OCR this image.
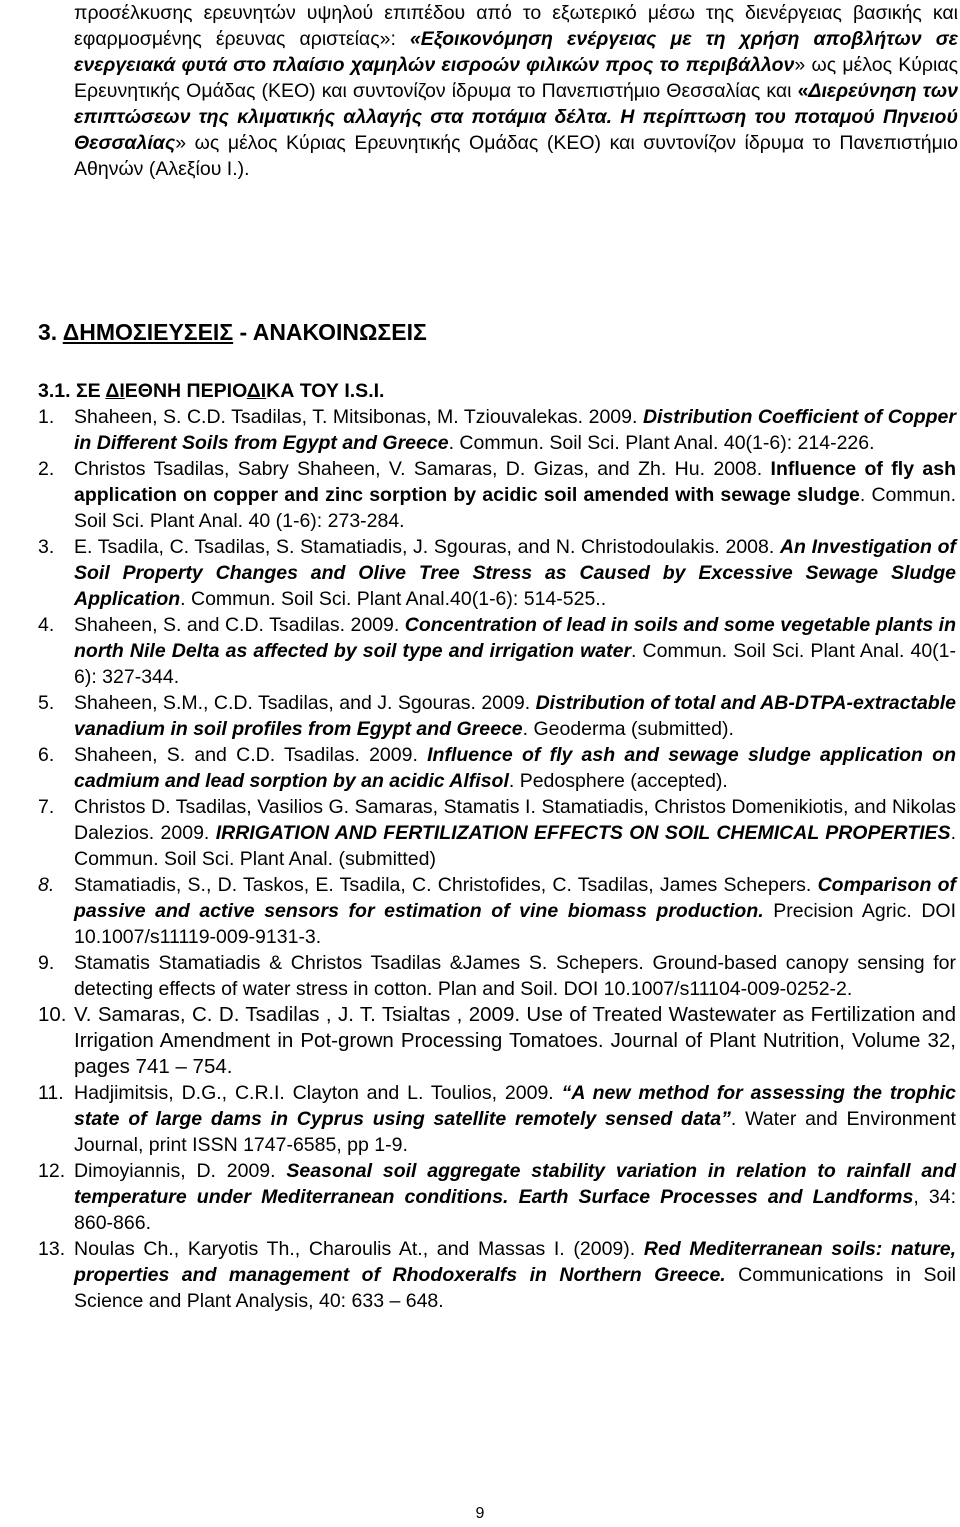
προσέλκυσης ερευνητών υψηλού επιπέδου από το εξωτερικό μέσω της διενέργειας βασικής και εφαρμοσμένης έρευνας αριστείας»: «Εξοικονόμηση ενέργειας με τη χρήση αποβλήτων σε ενεργειακά φυτά στο πλαίσιο χαμηλών εισροών φιλικών προς το περιβάλλον» ως μέλος Κύριας Ερευνητικής Ομάδας (ΚΕΟ) και συντονίζον ίδρυμα το Πανεπιστήμιο Θεσσαλίας και «Διερεύνηση των επιπτώσεων της κλιματικής αλλαγής στα ποτάμια δέλτα. Η περίπτωση του ποταμού Πηνειού Θεσσαλίας» ως μέλος Κύριας Ερευνητικής Ομάδας (ΚΕΟ) και συντονίζον ίδρυμα το Πανεπιστήμιο Αθηνών (Αλεξίου Ι.).

3. ΔΗΜΟΣΙΕΥΣΕΙΣ - ΑΝΑΚΟΙΝΩΣΕΙΣ
3.1. ΣΕ ΔΙΕΘΝΗ ΠΕΡΙΟΔΙΚΑ ΤΟΥ I.S.I.
1. Shaheen, S. C.D. Tsadilas, T. Mitsibonas, M. Tziouvalekas. 2009. Distribution Coefficient of Copper in Different Soils from Egypt and Greece. Commun. Soil Sci. Plant Anal. 40(1-6): 214-226.
2. Christos Tsadilas, Sabry Shaheen, V. Samaras, D. Gizas, and Zh. Hu. 2008. Influence of fly ash application on copper and zinc sorption by acidic soil amended with sewage sludge. Commun. Soil Sci. Plant Anal. 40 (1-6): 273-284.
3. E. Tsadila, C. Tsadilas, S. Stamatiadis, J. Sgouras, and N. Christodoulakis. 2008. An Investigation of Soil Property Changes and Olive Tree Stress as Caused by Excessive Sewage Sludge Application. Commun. Soil Sci. Plant Anal.40(1-6): 514-525..
4. Shaheen, S. and C.D. Tsadilas. 2009. Concentration of lead in soils and some vegetable plants in north Nile Delta as affected by soil type and irrigation water. Commun. Soil Sci. Plant Anal. 40(1-6): 327-344.
5. Shaheen, S.M., C.D. Tsadilas, and J. Sgouras. 2009. Distribution of total and AB-DTPA-extractable vanadium in soil profiles from Egypt and Greece. Geoderma (submitted).
6. Shaheen, S. and C.D. Tsadilas. 2009. Influence of fly ash and sewage sludge application on cadmium and lead sorption by an acidic Alfisol. Pedosphere (accepted).
7. Christos D. Tsadilas, Vasilios G. Samaras, Stamatis I. Stamatiadis, Christos Domenikiotis, and Nikolas Dalezios. 2009. IRRIGATION AND FERTILIZATION EFFECTS ON SOIL CHEMICAL PROPERTIES. Commun. Soil Sci. Plant Anal. (submitted)
8. Stamatiadis, S., D. Taskos, E. Tsadila, C. Christofides, C. Tsadilas, James Schepers. Comparison of passive and active sensors for estimation of vine biomass production. Precision Agric. DOI 10.1007/s11119-009-9131-3.
9. Stamatis Stamatiadis & Christos Tsadilas &James S. Schepers. Ground-based canopy sensing for detecting effects of water stress in cotton. Plan and Soil. DOI 10.1007/s11104-009-0252-2.
10. V. Samaras, C. D. Tsadilas , J. T. Tsialtas , 2009. Use of Treated Wastewater as Fertilization and Irrigation Amendment in Pot-grown Processing Tomatoes. Journal of Plant Nutrition, Volume 32, pages 741 – 754.
11. Hadjimitsis, D.G., C.R.I. Clayton and L. Toulios, 2009. “A new method for assessing the trophic state of large dams in Cyprus using satellite remotely sensed data”. Water and Environment Journal, print ISSN 1747-6585, pp 1-9.
12. Dimoyiannis, D. 2009. Seasonal soil aggregate stability variation in relation to rainfall and temperature under Mediterranean conditions. Earth Surface Processes and Landforms, 34: 860-866.
13. Noulas Ch., Karyotis Th., Charoulis At., and Massas I. (2009). Red Mediterranean soils: nature, properties and management of Rhodoxeralfs in Northern Greece. Communications in Soil Science and Plant Analysis, 40: 633 – 648.
9
